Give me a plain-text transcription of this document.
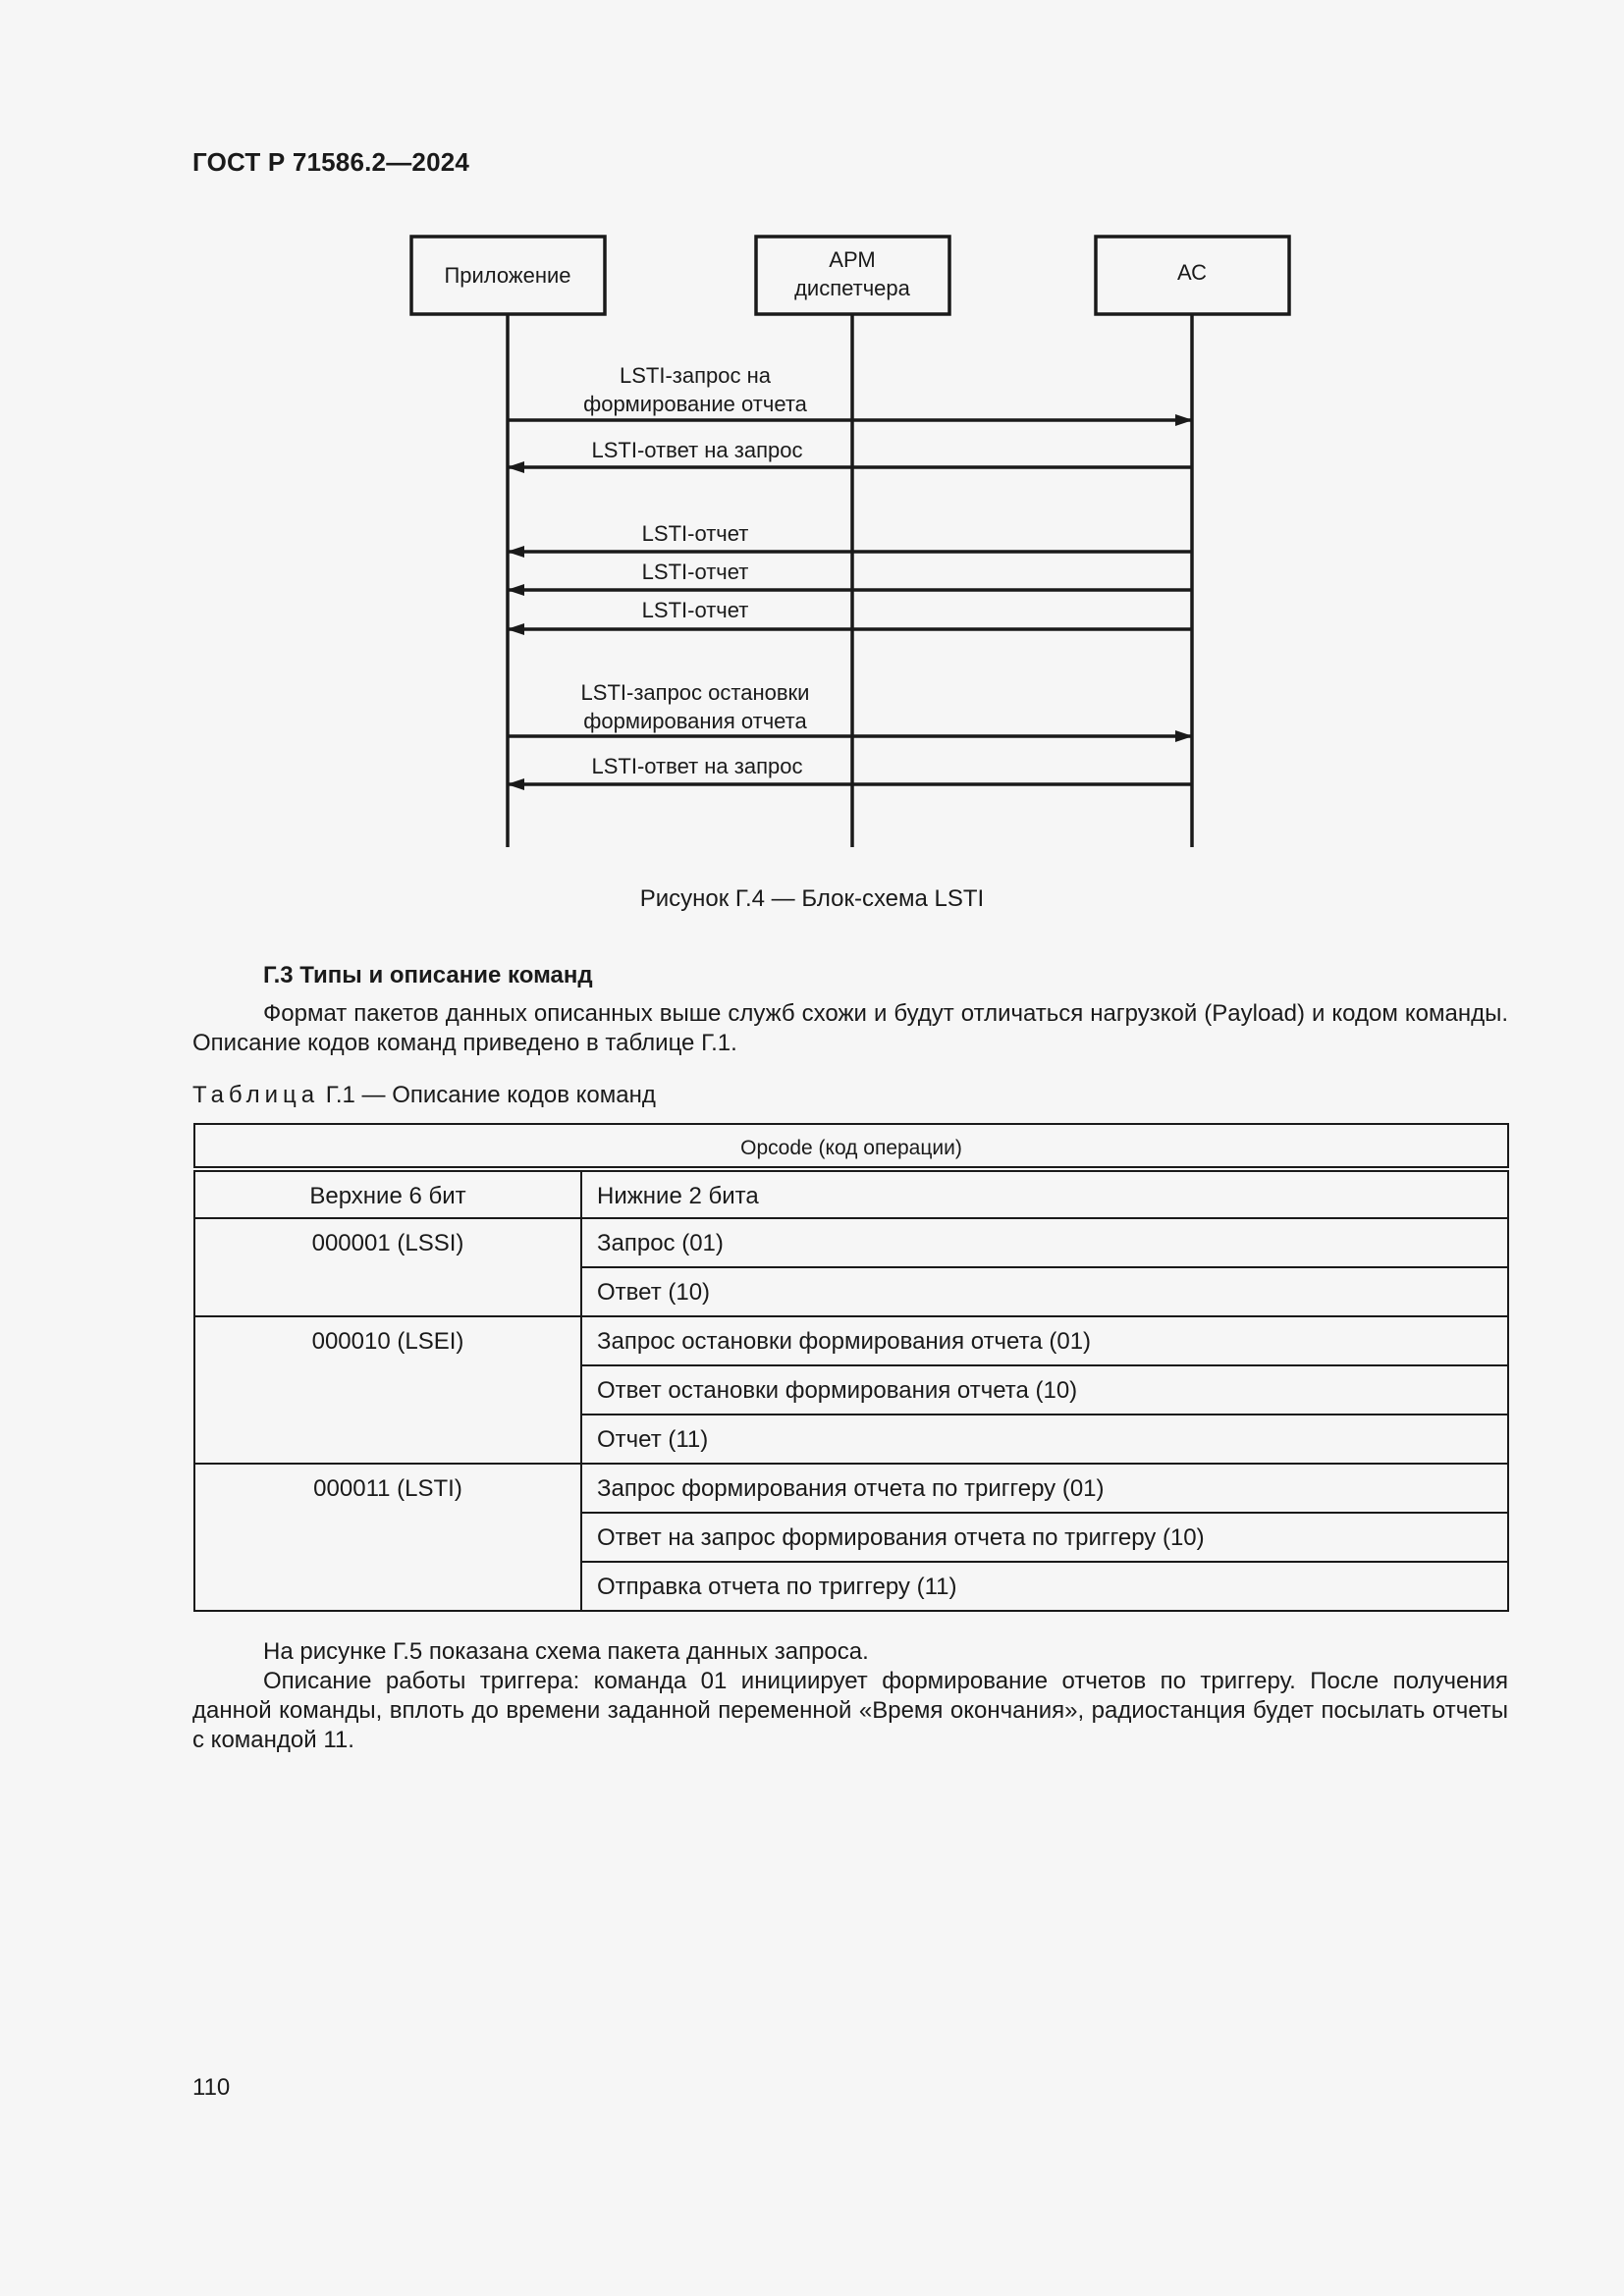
ГОСТ Р 71586.2—2024
Приложение
АРМ
диспетчера
АС
LSTI-запрос на
формирование отчета
LSTI-ответ на запрос
LSTI-отчет
LSTI-отчет
LSTI-отчет
LSTI-запрос остановки
формирования отчета
LSTI-ответ на запрос
Рисунок Г.4 — Блок-схема LSTI
Г.3 Типы и описание команд
Формат пакетов данных описанных выше служб схожи и будут отличаться нагрузкой (Payload) и кодом команды. Описание кодов команд приведено в таблице Г.1.
Таблица Г.1 — Описание кодов команд
Opcode (код операции)	
Верхние 6 бит	Нижние 2 бита
000001 (LSSI)	Запрос (01)
	Ответ (10)
000010 (LSEI)	Запрос остановки формирования отчета (01)
	Ответ остановки формирования отчета (10)
	Отчет (11)
000011 (LSTI)	Запрос формирования отчета по триггеру (01)
	Ответ на запрос формирования отчета по триггеру (10)
	Отправка отчета по триггеру (11)
На рисунке Г.5 показана схема пакета данных запроса.
Описание работы триггера: команда 01 инициирует формирование отчетов по триггеру. После получения данной команды, вплоть до времени заданной переменной «Время окончания», радиостанция будет посылать отчеты с командой 11.
110
